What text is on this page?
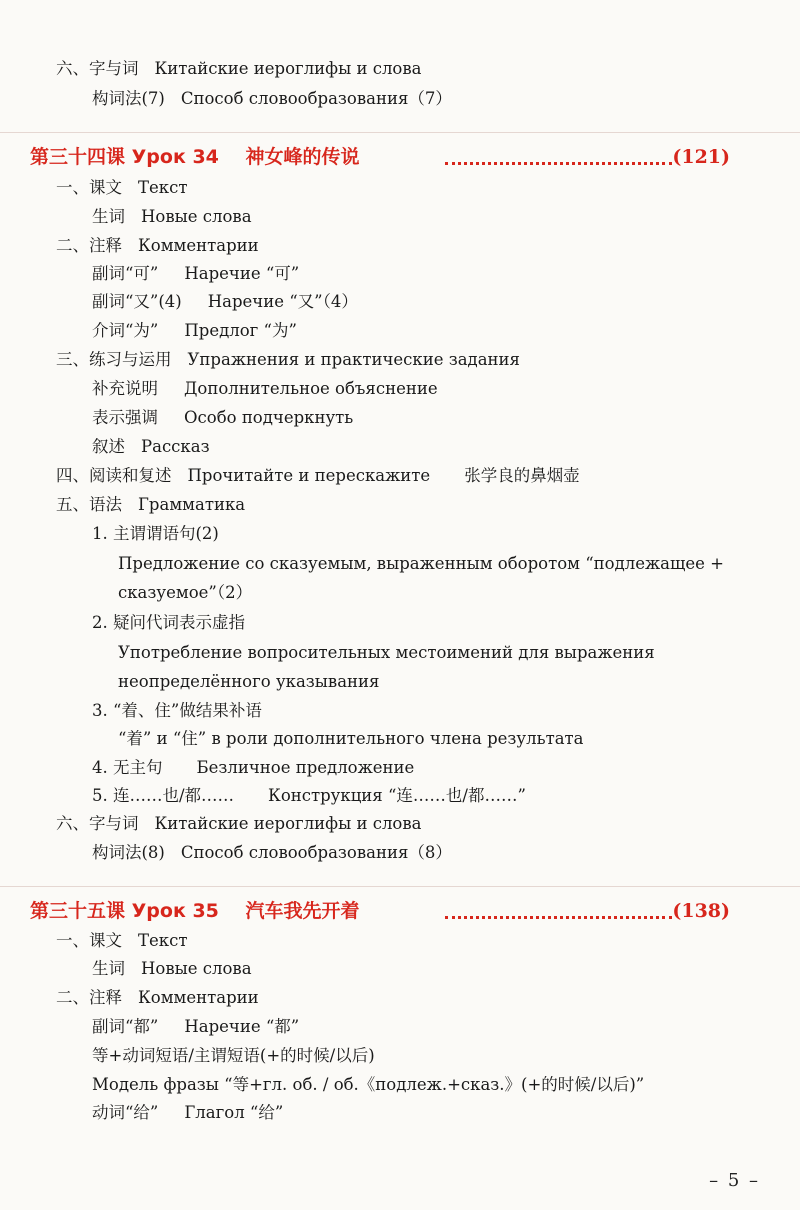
六、字与词 Китайские иероглифы и слова
构词法(7) Способ словообразования（7）
第三十四课 Урок 34 神女峰的传说	(121)
一、课文 Текст
生词 Новые слова
二、注释 Комментарии
副词“可” Наречие “可”
副词“又”(4) Наречие “又”（4）
介词“为” Предлог “为”
三、练习与运用 Упражнения и практические задания
补充说明 Дополнительное объяснение
表示强调 Особо подчеркнуть
叙述 Рассказ
四、阅读和复述 Прочитайте и перескажите 张学良的鼻烟壶
五、语法 Грамматика
1. 主谓谓语句(2)
Предложение со сказуемым, выраженным оборотом “подлежащее +
сказуемое”（2）
2. 疑问代词表示虚指
Употребление вопросительных местоимений для выражения
неопределённого указывания
3. “着、住”做结果补语
“着” и “住” в роли дополнительного члена результата
4. 无主句 Безличное предложение
5. 连……也/都…… Конструкция “连……也/都……”
六、字与词 Китайские иероглифы и слова
构词法(8) Способ словообразования（8）
第三十五课 Урок 35 汽车我先开着	(138)
一、课文 Текст
生词 Новые слова
二、注释 Комментарии
副词“都” Наречие “都”
等+动词短语/主谓短语(+的时候/以后)
Модель фразы “等+гл. об. / об.《подлеж.+сказ.》(+的时候/以后)”
动词“给” Глагол “给”
– 5 –
